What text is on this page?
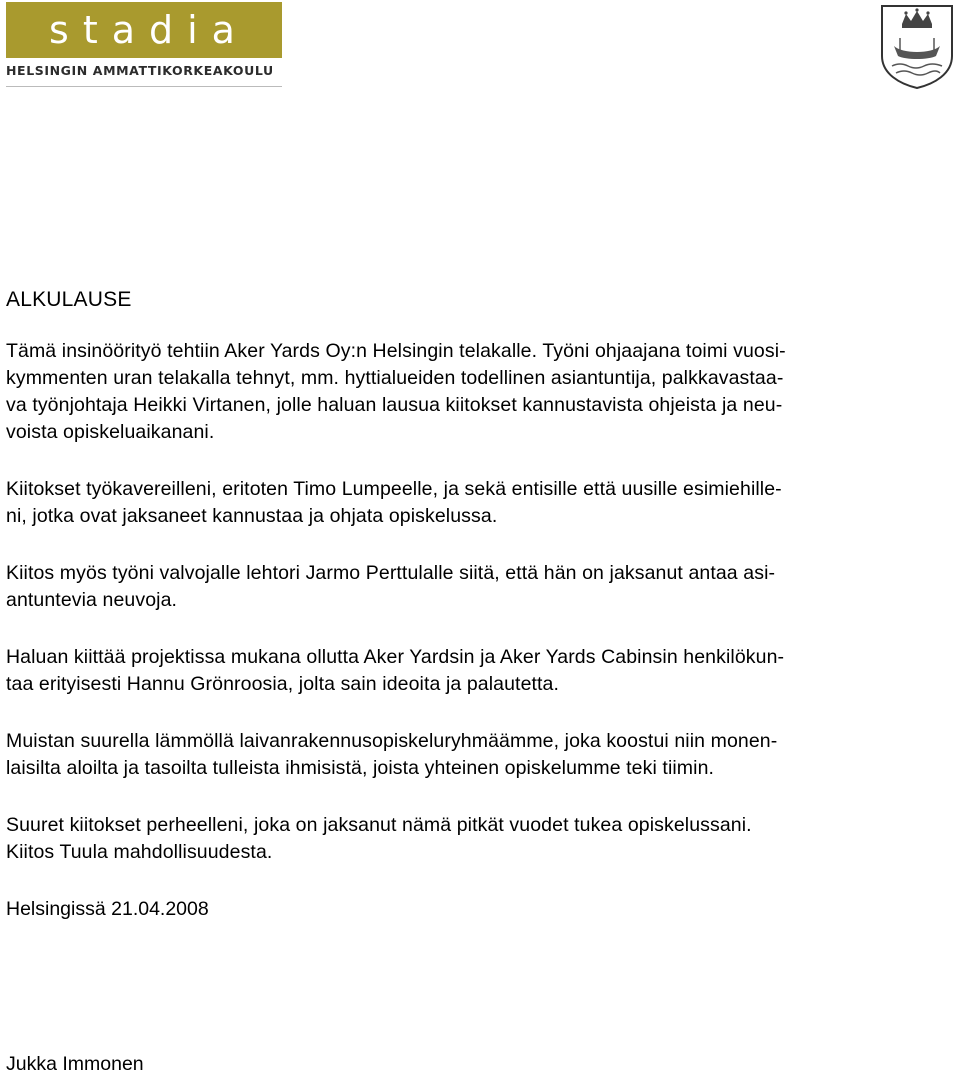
stadia
HELSINGIN AMMATTIKORKEAKOULU
ALKULAUSE

Tämä insinöörityö tehtiin Aker Yards Oy:n Helsingin telakalle. Työni ohjaajana toimi vuosi-
kymmenten uran telakalla tehnyt, mm. hyttialueiden todellinen asiantuntija, palkkavastaa-
va työnjohtaja Heikki Virtanen, jolle haluan lausua kiitokset kannustavista ohjeista ja neu-
voista opiskeluaikanani.

Kiitokset työkavereilleni, eritoten Timo Lumpeelle, ja sekä entisille että uusille esimiehille-
ni, jotka ovat jaksaneet kannustaa ja ohjata opiskelussa.

Kiitos myös työni valvojalle lehtori Jarmo Perttulalle siitä, että hän on jaksanut antaa asi-
antuntevia neuvoja.

Haluan kiittää projektissa mukana ollutta Aker Yardsin ja Aker Yards Cabinsin henkilökun-
taa erityisesti Hannu Grönroosia, jolta sain ideoita ja palautetta.

Muistan suurella lämmöllä laivanrakennusopiskeluryhmäämme, joka koostui niin monen-
laisilta aloilta ja tasoilta tulleista ihmisistä, joista yhteinen opiskelumme teki tiimin.

Suuret kiitokset perheelleni, joka on jaksanut nämä pitkät vuodet tukea opiskelussani.
Kiitos Tuula mahdollisuudesta.

Helsingissä 21.04.2008

Jukka Immonen
